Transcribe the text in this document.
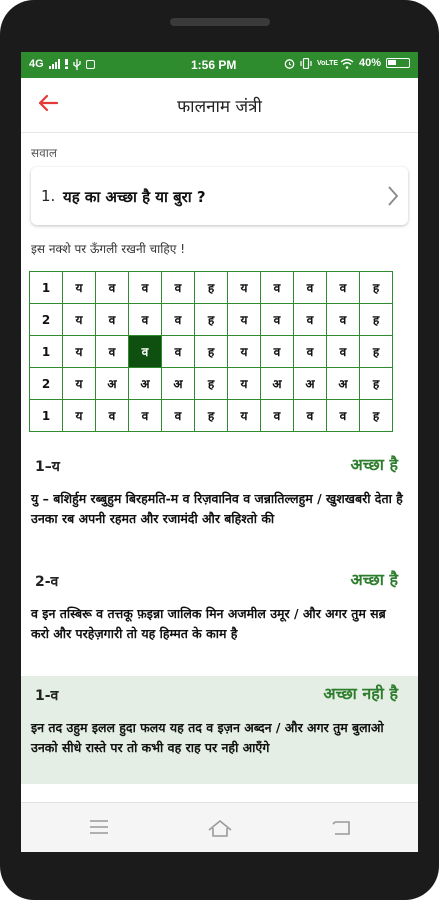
4G	1:56 PM	VoLTE 40%
फालनाम जंत्री
सवाल
1. यह का अच्छा है या बुरा ?
इस नक्शे पर ऊँगली रखनी चाहिए !
1	य	व	व	व	ह	य	व	व	व	ह
2	य	व	व	व	ह	य	व	व	व	ह
1	य	व	व	व	ह	य	व	व	व	ह
2	य	अ	अ	अ	ह	य	अ	अ	अ	ह
1	य	व	व	व	ह	य	व	व	व	ह
1–य	अच्छा है
यु – बशिर्हुम रब्बुहुम बिरहमति-म व रिज़वानिव व जन्नातिल्लहुम / खुशखबरी देता है उनका रब अपनी रहमत और रजामंदी और बहिश्तो की
2-व	अच्छा है
व इन तस्बिरू व तत्तकू फ़इन्ना जालिक मिन अजमील उमूर / और अगर तुम सब्र करो और परहेज़गारी तो यह हिम्मत के काम है
1-व	अच्छा नही है
इन तद उहुम इलल हुदा फलय यह तद व इज़न अब्दन / और अगर तुम बुलाओ उनको सीधे रास्ते पर तो कभी वह राह पर नही आएँगे
